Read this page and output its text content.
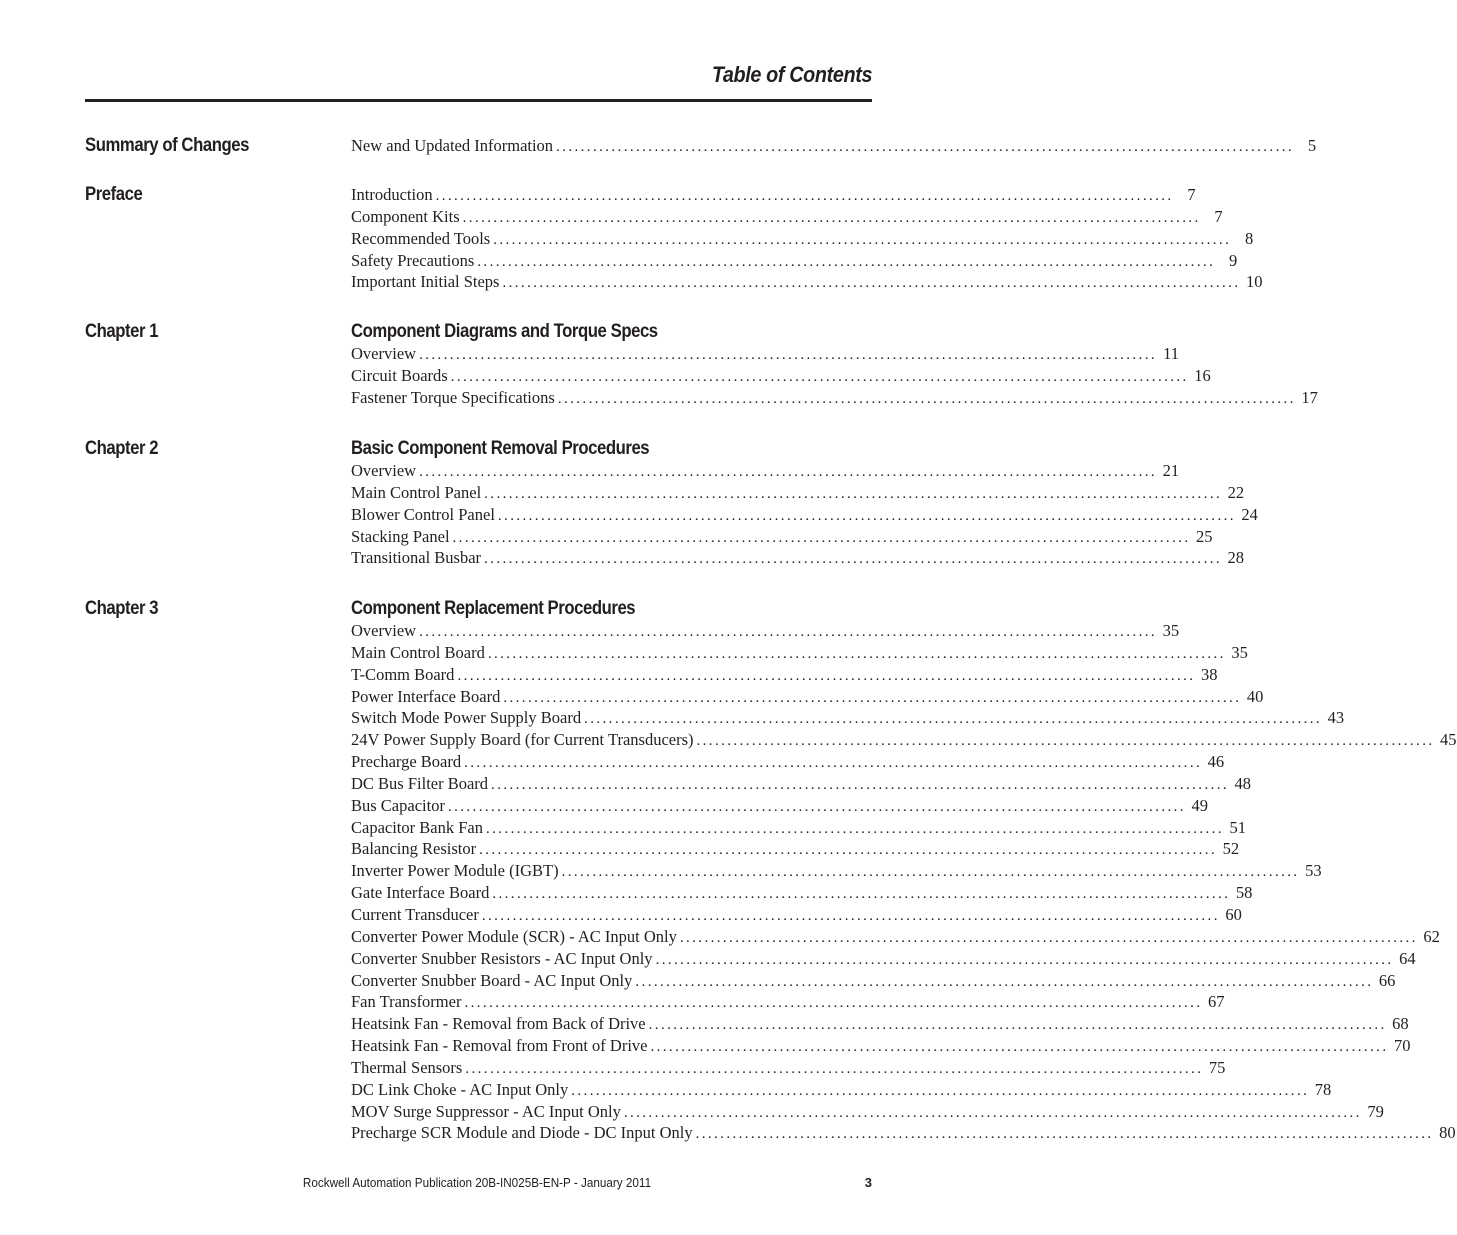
Table of Contents
Summary of Changes	New and Updated Information ........................................................................................................................ 5
Preface	Introduction ........................................................................................................................ 7
Component Kits ........................................................................................................................ 7
Recommended Tools ........................................................................................................................ 8
Safety Precautions ........................................................................................................................ 9
Important Initial Steps ........................................................................................................................ 10
Chapter 1	Component Diagrams and Torque Specs
Overview ........................................................................................................................ 11
Circuit Boards ........................................................................................................................ 16
Fastener Torque Specifications ........................................................................................................................ 17
Chapter 2	Basic Component Removal Procedures
Overview ........................................................................................................................ 21
Main Control Panel ........................................................................................................................ 22
Blower Control Panel ........................................................................................................................ 24
Stacking Panel ........................................................................................................................ 25
Transitional Busbar ........................................................................................................................ 28
Chapter 3	Component Replacement Procedures
Overview ........................................................................................................................ 35
Main Control Board ........................................................................................................................ 35
T-Comm Board ........................................................................................................................ 38
Power Interface Board ........................................................................................................................ 40
Switch Mode Power Supply Board ........................................................................................................................ 43
24V Power Supply Board (for Current Transducers) ........................................................................................................................ 45
Precharge Board ........................................................................................................................ 46
DC Bus Filter Board ........................................................................................................................ 48
Bus Capacitor ........................................................................................................................ 49
Capacitor Bank Fan ........................................................................................................................ 51
Balancing Resistor ........................................................................................................................ 52
Inverter Power Module (IGBT) ........................................................................................................................ 53
Gate Interface Board ........................................................................................................................ 58
Current Transducer ........................................................................................................................ 60
Converter Power Module (SCR) - AC Input Only ........................................................................................................................ 62
Converter Snubber Resistors - AC Input Only ........................................................................................................................ 64
Converter Snubber Board - AC Input Only ........................................................................................................................ 66
Fan Transformer ........................................................................................................................ 67
Heatsink Fan - Removal from Back of Drive ........................................................................................................................ 68
Heatsink Fan - Removal from Front of Drive ........................................................................................................................ 70
Thermal Sensors ........................................................................................................................ 75
DC Link Choke - AC Input Only ........................................................................................................................ 78
MOV Surge Suppressor - AC Input Only ........................................................................................................................ 79
Precharge SCR Module and Diode - DC Input Only ........................................................................................................................ 80
Rockwell Automation Publication 20B-IN025B-EN-P - January 2011	3
